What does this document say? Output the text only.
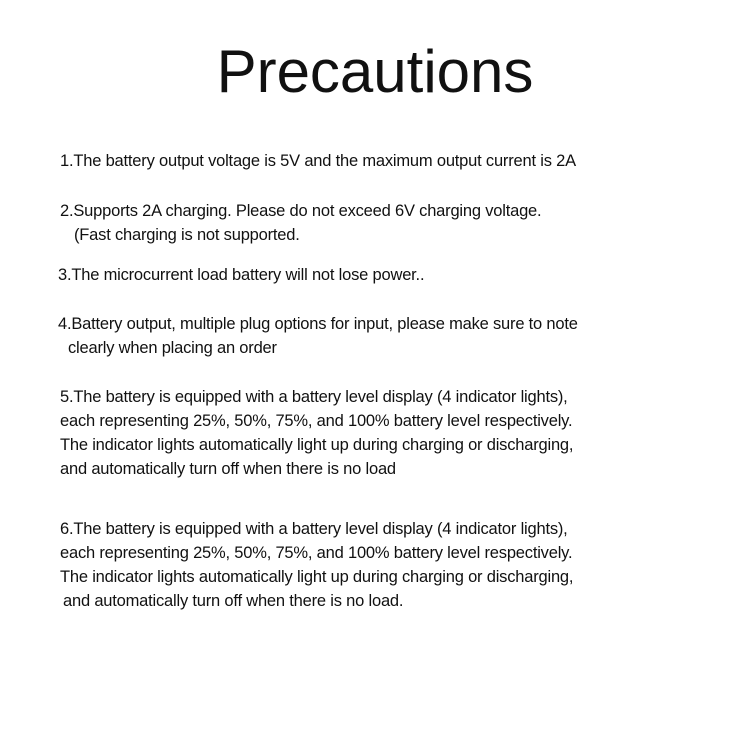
Precautions
1.The battery output voltage is 5V and the maximum output current is 2A
2.Supports 2A charging. Please do not exceed 6V charging voltage.
(Fast charging is not supported.
3.The microcurrent load battery will not lose power..
4.Battery output, multiple plug options for input, please make sure to note
clearly when placing an order
5.The battery is equipped with a battery level display (4 indicator lights),
each representing 25%, 50%, 75%, and 100% battery level respectively.
The indicator lights automatically light up during charging or discharging,
and automatically turn off when there is no load
6.The battery is equipped with a battery level display (4 indicator lights),
each representing 25%, 50%, 75%, and 100% battery level respectively.
The indicator lights automatically light up during charging or discharging,
and automatically turn off when there is no load.
